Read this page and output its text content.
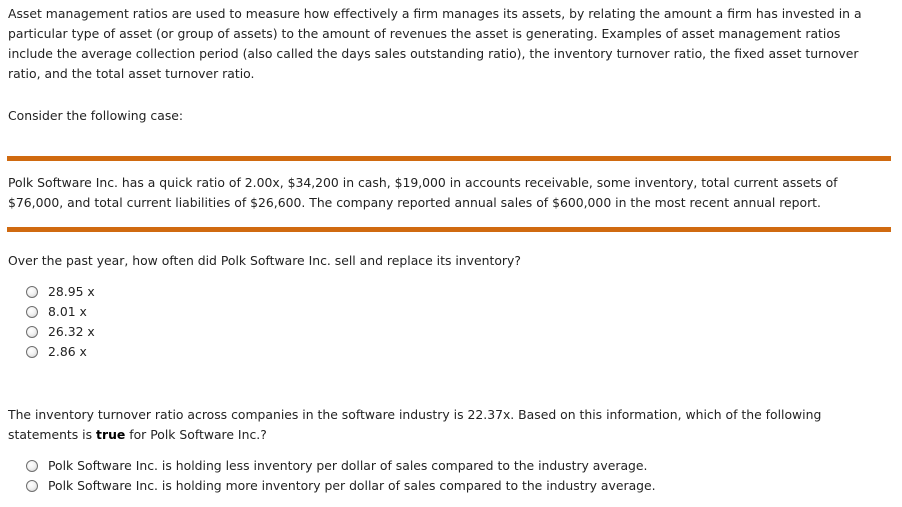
Asset management ratios are used to measure how effectively a firm manages its assets, by relating the amount a firm has invested in a particular type of asset (or group of assets) to the amount of revenues the asset is generating. Examples of asset management ratios include the average collection period (also called the days sales outstanding ratio), the inventory turnover ratio, the fixed asset turnover ratio, and the total asset turnover ratio.

Consider the following case:

Polk Software Inc. has a quick ratio of 2.00x, $34,200 in cash, $19,000 in accounts receivable, some inventory, total current assets of $76,000, and total current liabilities of $26,600. The company reported annual sales of $600,000 in the most recent annual report.

Over the past year, how often did Polk Software Inc. sell and replace its inventory?

28.95 x
8.01 x
26.32 x
2.86 x

The inventory turnover ratio across companies in the software industry is 22.37x. Based on this information, which of the following statements is true for Polk Software Inc.?

Polk Software Inc. is holding less inventory per dollar of sales compared to the industry average.
Polk Software Inc. is holding more inventory per dollar of sales compared to the industry average.
